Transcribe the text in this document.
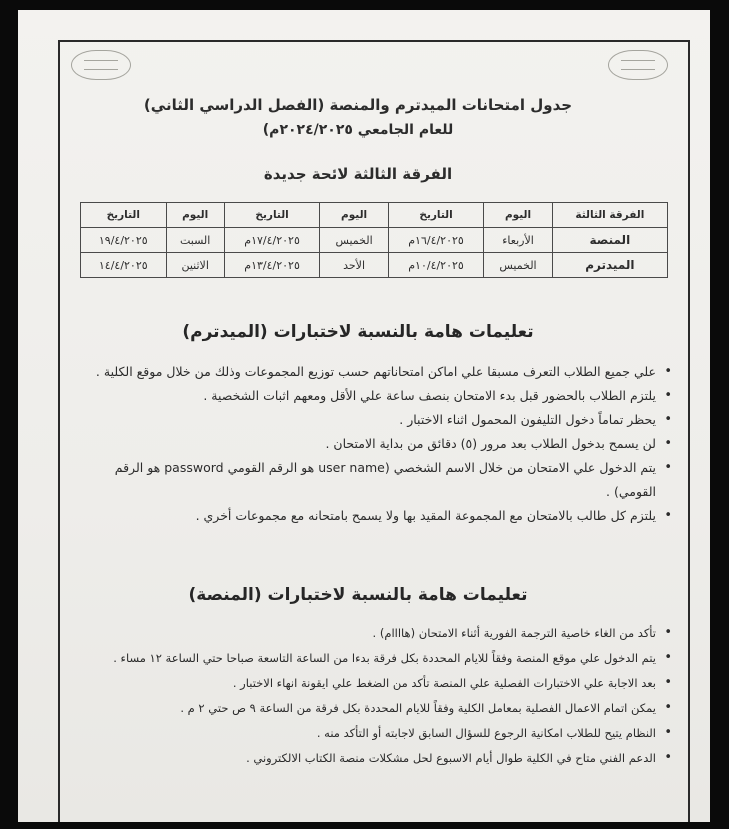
جدول امتحانات الميدترم والمنصة (الفصل الدراسي الثاني)
للعام الجامعي ٢٠٢٤/٢٠٢٥م)
الفرقة الثالثة لائحة جديدة
الفرقة الثالثة	اليوم	التاريخ	اليوم	التاريخ	اليوم	التاريخ
المنصة	الأربعاء	١٦/٤/٢٠٢٥م	الخميس	١٧/٤/٢٠٢٥م	السبت	١٩/٤/٢٠٢٥
الميدترم	الخميس	١٠/٤/٢٠٢٥م	الأحد	١٣/٤/٢٠٢٥م	الاثنين	١٤/٤/٢٠٢٥
تعليمات هامة بالنسبة لاختبارات (الميدترم)
• علي جميع الطلاب التعرف مسبقا علي اماكن امتحاناتهم حسب توزيع المجموعات وذلك من خلال موقع الكلية .
• يلتزم الطلاب بالحضور قبل بدء الامتحان بنصف ساعة علي الأقل ومعهم اثبات الشخصية .
• يحظر تماماً دخول التليفون المحمول اثناء الاختبار .
• لن يسمح بدخول الطلاب بعد مرور (٥) دقائق من بداية الامتحان .
• يتم الدخول علي الامتحان من خلال الاسم الشخصي (user name هو الرقم القومي password هو الرقم القومي) .
• يلتزم كل طالب بالامتحان مع المجموعة المقيد بها ولا يسمح بامتحانه مع مجموعات أخري .
تعليمات هامة بالنسبة لاختبارات (المنصة)
• تأكد من الغاء خاصية الترجمة الفورية أثناء الامتحان (هاااام) .
• يتم الدخول علي موقع المنصة وفقاً للايام المحددة بكل فرقة بدءا من الساعة التاسعة صباحا حتي الساعة ١٢ مساء .
• بعد الاجابة علي الاختبارات الفصلية علي المنصة تأكد من الضغط علي ايقونة انهاء الاختبار .
• يمكن اتمام الاعمال الفصلية بمعامل الكلية وفقاً للايام المحددة بكل فرقة من الساعة ٩ ص حتي ٢ م .
• النظام يتيح للطلاب امكانية الرجوع للسؤال السابق لاجابته أو التأكد منه .
• الدعم الفني متاح في الكلية طوال أيام الاسبوع لحل مشكلات منصة الكتاب الالكتروني .
